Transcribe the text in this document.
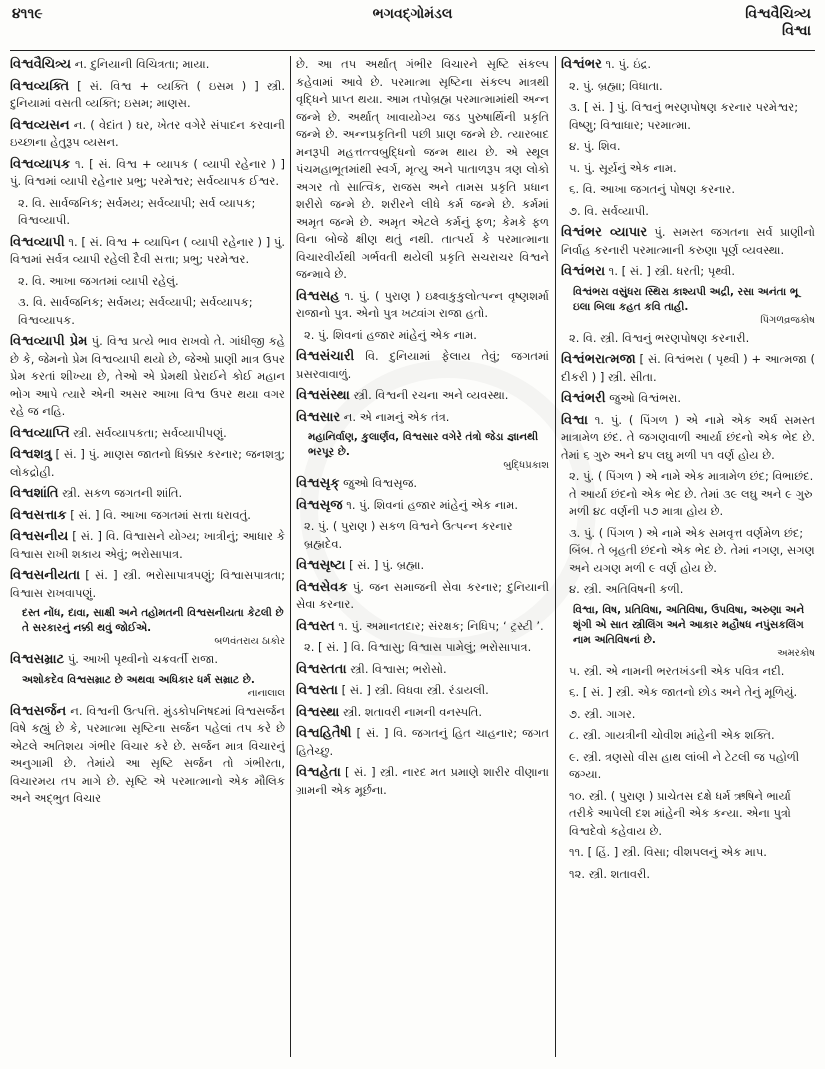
૪૧૧૯	ભગવદ્ગોમંડલ	વિશ્વવૈચિત્ર્ય
વિશ્વા
વિશ્વવૈચિત્ર્ય ન. દુનિયાની વિચિત્રતા; માયા.
વિશ્વવ્યક્તિ [ સં. વિશ્વ + વ્યક્તિ ( ઇસમ ) ] સ્ત્રી. દુનિયામાં વસતી વ્યક્તિ; ઇસમ; માણસ.
વિશ્વવ્યસન ન. ( વેદાંત ) ઘર, ખેતર વગેરે સંપાદન કરવાની ઇચ્છાના હેતુરૂપ વ્યસન.
વિશ્વવ્યાપક ૧. [ સં. વિશ્વ + વ્યાપક ( વ્યાપી રહેનાર ) ] પું. વિશ્વમાં વ્યાપી રહેનાર પ્રભુ; પરમેશ્વર; સર્વવ્યાપક ઈશ્વર.
૨. વિ. સાર્વજનિક; સર્વમય; સર્વવ્યાપી; સર્વ વ્યાપક; વિશ્વવ્યાપી.
વિશ્વવ્યાપી ૧. [ સં. વિશ્વ + વ્યાપિન ( વ્યાપી રહેનાર ) ] પું. વિશ્વમાં સર્વત્ર વ્યાપી રહેલી દૈવી સત્તા; પ્રભુ; પરમેશ્વર.
૨. વિ. આખા જગતમાં વ્યાપી રહેલું.
૩. વિ. સાર્વજનિક; સર્વમય; સર્વવ્યાપી; સર્વવ્યાપક; વિશ્વવ્યાપક.
વિશ્વવ્યાપી પ્રેમ પું. વિશ્વ પ્રત્યે ભાવ રાખવો તે. ગાંધીજી કહે છે કે, જેમનો પ્રેમ વિશ્વવ્યાપી થયો છે, જેઓ પ્રાણી માત્ર ઉપર પ્રેમ કરતાં શીખ્યા છે, તેઓ એ પ્રેમથી પ્રેરાઈને કોઈ મહાન ભોગ આપે ત્યારે એની અસર આખા વિશ્વ ઉપર થયા વગર રહે જ નહિ.
વિશ્વવ્યાપ્તિ સ્ત્રી. સર્વવ્યાપકતા; સર્વવ્યાપીપણું.
વિશ્વશત્રુ [ સં. ] પું. માણસ જાતનો ધિક્કાર કરનાર; જનશત્રુ; લોકદ્રોહી.
વિશ્વશાંતિ સ્ત્રી. સકળ જગતની શાંતિ.
વિશ્વસત્તાક [ સં. ] વિ. આખા જગતમાં સત્તા ધરાવતું.
વિશ્વસનીય [ સં. ] વિ. વિશ્વાસને યોગ્ય; ખાત્રીનું; આધાર કે વિશ્વાસ રાખી શકાય એવું; ભરોસાપાત્ર.
વિશ્વસનીયતા [ સં. ] સ્ત્રી. ભરોસાપાત્રપણું; વિશ્વાસપાત્રતા; વિશ્વાસ રાખવાપણું.
દસ્ત નોંધ, દાવા, સાક્ષી અને તહોમતની વિશ્વસનીયતા કેટલી છે તે સરકારનું નક્કી થવું જોઈએ.
બળવંતરાય ઠાકોર
વિશ્વસમ્રાટ પું. આખી પૃથ્વીનો ચક્રવર્તી રાજા.
અશોકદેવ વિશ્વસમ્રાટ છે અથવા અધિકાર ધર્મ સમ્રાટ છે.
નાનાલાલ
વિશ્વસર્જન ન. વિશ્વની ઉત્પત્તિ. મુંડકોપનિષદમાં વિશ્વસર્જન વિષે કહ્યું છે કે, પરમાત્મા સૃષ્ટિના સર્જન પહેલાં તપ કરે છે એટલે અતિશય ગંભીર વિચાર કરે છે. સર્જન માત્ર વિચારનું અનુગામી છે. તેમાંયે આ સૃષ્ટિ સર્જન તો ગંભીરતા, વિચારમય તપ માગે છે. સૃષ્ટિ એ પરમાત્માનો એક મૌલિક અને અદ્ભુત વિચાર
છે. આ તપ અર્થાત્ ગંભીર વિચારને સૃષ્ટિ સંકલ્પ કહેવામાં આવે છે. પરમાત્મા સૃષ્ટિના સંકલ્પ માત્રથી વૃદ્ધિને પ્રાપ્ત થયા. આમ તપોબ્રહ્મ પરમાત્મામાંથી અન્ન જન્મે છે. અર્થાત્ ખાવાયોગ્ય જડ પુરુષાર્થિની પ્રકૃતિ જન્મે છે. અન્નપ્રકૃતિની પછી પ્રાણ જન્મે છે. ત્યારબાદ મનરૂપી મહત્તત્ત્વબુદ્ધિનો જન્મ થાય છે. એ સ્થૂલ પંચમહાભૂતમાંથી સ્વર્ગ, મૃત્યુ અને પાતાળરૂપ ત્રણ લોકો અગર તો સાત્વિક, રાજસ અને તામસ પ્રકૃતિ પ્રધાન શરીરો જન્મે છે. શરીરને લીધે કર્મ જન્મે છે. કર્મમાં અમૃત જન્મે છે. અમૃત એટલે કર્મનું ફળ; કેમકે ફળ વિના બોજે ક્ષીણ થતું નથી. તાત્પર્ય કે પરમાત્માના વિચારવીર્યથી ગર્ભવતી થયેલી પ્રકૃતિ સચરાચર વિશ્વને જન્માવે છે.
વિશ્વસહ ૧. પું. ( પુરાણ ) ઇક્ષ્વાકુકુલોત્પન્ન વૃષ્ણશર્મા રાજાનો પુત્ર. એનો પુત્ર ખટ્વાંગ રાજા હતો.
૨. પું. શિવનાં હજાર માંહેનું એક નામ.
વિશ્વસંચારી વિ. દુનિયામાં ફેલાય તેવું; જગતમાં પ્રસરવાવાળું.
વિશ્વસંસ્થા સ્ત્રી. વિશ્વની રચના અને વ્યવસ્થા.
વિશ્વસાર ન. એ નામનું એક તંત્ર.
મહાનિર્વાણ, કુલાર્ણવ, વિશ્વસાર વગેરે તંત્રો જેડા જ્ઞાનથી ભરપૂર છે.
બુદ્ધિપ્રકાશ
વિશ્વસૃક્ જુઓ વિશ્વસૃજ.
વિશ્વસૃજ ૧. પું. શિવનાં હજાર માંહેનું એક નામ.
૨. પું. ( પુરાણ ) સકળ વિશ્વને ઉત્પન્ન કરનાર બ્રહ્મદેવ.
વિશ્વસૃષ્ટા [ સં. ] પું. બ્રહ્મા.
વિશ્વસેવક પું. જન સમાજની સેવા કરનાર; દુનિયાની સેવા કરનાર.
વિશ્વસ્ત ૧. પું. અમાનતદાર; સંરક્ષક; નિધિપ; ‘ ટ્રસ્ટી ’.
૨. [ સં. ] વિ. વિશ્વાસુ; વિશ્વાસ પામેલું; ભરોસાપાત્ર.
વિશ્વસ્તતા સ્ત્રી. વિશ્વાસ; ભરોસો.
વિશ્વસ્તા [ સં. ] સ્ત્રી. વિધવા સ્ત્રી. રંડાયલી.
વિશ્વસ્થા સ્ત્રી. શતાવરી નામની વનસ્પતિ.
વિશ્વહિતૈષી [ સં. ] વિ. જગતનું હિત ચાહનાર; જગત હિતેચ્છુ.
વિશ્વહેતા [ સં. ] સ્ત્રી. નારદ મત પ્રમાણે શારીર વીણાના ગ્રામની એક મૂર્છના.
વિશ્વંભર ૧. પું. ઇંદ્ર.
૨. પું. બ્રહ્મા; વિધાતા.
૩. [ સં. ] પું. વિશ્વનું ભરણપોષણ કરનાર પરમેશ્વર; વિષ્ણુ; વિશ્વાધાર; પરમાત્મા.
૪. પું. શિવ.
૫. પું. સૂર્યનું એક નામ.
૬. વિ. આખા જગતનું પોષણ કરનાર.
૭. વિ. સર્વવ્યાપી.
વિશ્વંભર વ્યાપાર પું. સમસ્ત જગતના સર્વ પ્રાણીનો નિર્વાહ કરનારી પરમાત્માની કરુણા પૂર્ણ વ્યવસ્થા.
વિશ્વંભરા ૧. [ સં. ] સ્ત્રી. ધરતી; પૃથ્વી.
વિશ્વંભરા વસુંધરા સ્થિરા કાશ્યપી અદ્રી, રસા અનંતા ભૂ ઇલા બિલા કહત કવિ તાહી.
પિંગળવ્રજકોષ
૨. વિ. સ્ત્રી. વિશ્વનું ભરણપોષણ કરનારી.
વિશ્વંભરાત્મજા [ સં. વિશ્વંભરા ( પૃથ્વી ) + આત્મજા ( દીકરી ) ] સ્ત્રી. સીતા.
વિશ્વંભરી જુઓ વિશ્વંભરા.
વિશ્વા ૧. પું. ( પિંગળ ) એ નામે એક અર્ધ સમસ્ત માત્રામેળ છંદ. તે જગણવાળી આર્યા છંદનો એક ભેદ છે. તેમાં ૬ ગુરુ અને ૪૫ લઘુ મળી ૫૧ વર્ણ હોય છે.
૨. પું. ( પિંગળ ) એ નામે એક માત્રામેળ છંદ; વિભાછંદ. તે આર્યા છંદનો એક ભેદ છે. તેમાં ૩૯ લઘુ અને ૯ ગુરુ મળી ૪૮ વર્ણની ૫૭ માત્રા હોય છે.
૩. પું. ( પિંગળ ) એ નામે એક સમવૃત્ત વર્ણમેળ છંદ; બિંબ. તે બૃહતી છંદનો એક ભેદ છે. તેમાં નગણ, સગણ અને યગણ મળી ૯ વર્ણ હોય છે.
૪. સ્ત્રી. અતિવિષની કળી.
વિશ્વા, વિષ, પ્રતિવિષા, અતિવિષા, ઉપવિષા, અરુણા અને શૃંગી એ સાત સ્ત્રીલિંગ અને આકાર મહૌષધ નપુંસકલિંગ નામ અતિવિષનાં છે.
અમરકોષ
૫. સ્ત્રી. એ નામની ભરતખંડની એક પવિત્ર નદી.
૬. [ સં. ] સ્ત્રી. એક જાતનો છોડ અને તેનું મૂળિયું.
૭. સ્ત્રી. ગાગર.
૮. સ્ત્રી. ગાયત્રીની ચોવીશ માંહેની એક શક્તિ.
૯. સ્ત્રી. ત્રણસો વીસ હાથ લાંબી ને ટેટલી જ પહોળી જગ્યા.
૧૦. સ્ત્રી. ( પુરાણ ) પ્રાચેતસ દક્ષે ધર્મ ઋષિને ભાર્યા તરીકે આપેલી દશ માંહેની એક કન્યા. એના પુત્રો વિશ્વદેવો કહેવાય છે.
૧૧. [ હિં. ] સ્ત્રી. વિસા; વીશપલનું એક માપ.
૧૨. સ્ત્રી. શતાવરી.
